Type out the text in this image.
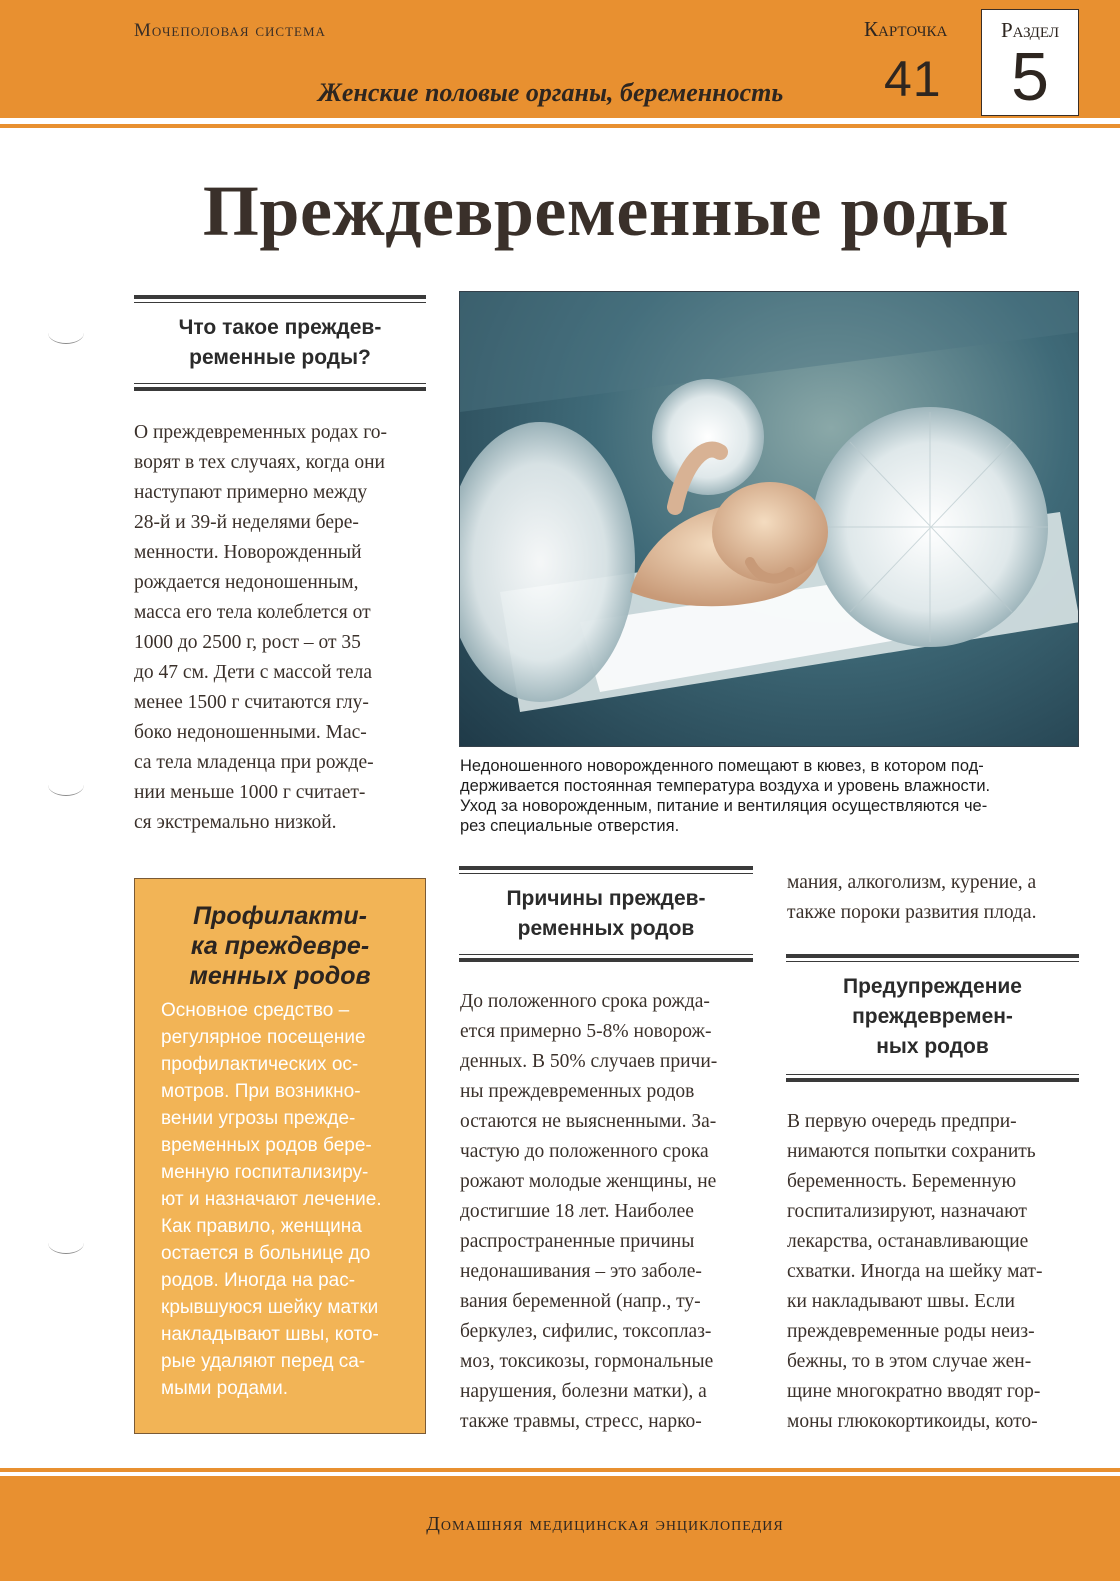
Мочеполовая система
Женские половые органы, беременность
Карточка
41
Раздел
5
Преждевременные роды
Что такое преждев-
ременные роды?
О преждевременных родах го-
ворят в тех случаях, когда они
наступают примерно между
28-й и 39-й неделями бере-
менности. Новорожденный
рождается недоношенным,
масса его тела колеблется от
1000 до 2500 г, рост – от 35
до 47 см. Дети с массой тела
менее 1500 г считаются глу-
боко недоношенными. Мас-
са тела младенца при рожде-
нии меньше 1000 г считает-
ся экстремально низкой.
Недоношенного новорожденного помещают в кювез, в котором под-
держивается постоянная температура воздуха и уровень влажности.
Уход за новорожденным, питание и вентиляция осуществляются че-
рез специальные отверстия.
Профилакти-
ка преждевре-
менных родов
Основное средство –
регулярное посещение
профилактических ос-
мотров. При возникно-
вении угрозы прежде-
временных родов бере-
менную госпитализиру-
ют и назначают лечение.
Как правило, женщина
остается в больнице до
родов. Иногда на рас-
крывшуюся шейку матки
накладывают швы, кото-
рые удаляют перед са-
мыми родами.
Причины преждев-
ременных родов
До положенного срока рожда-
ется примерно 5-8% новорож-
денных. В 50% случаев причи-
ны преждевременных родов
остаются не выясненными. За-
частую до положенного срока
рожают молодые женщины, не
достигшие 18 лет. Наиболее
распространенные причины
недонашивания – это заболе-
вания беременной (напр., ту-
беркулез, сифилис, токсоплаз-
моз, токсикозы, гормональные
нарушения, болезни матки), а
также травмы, стресс, нарко-
мания, алкоголизм, курение, а
также пороки развития плода.
Предупреждение
преждевремен-
ных родов
В первую очередь предпри-
нимаются попытки сохранить
беременность. Беременную
госпитализируют, назначают
лекарства, останавливающие
схватки. Иногда на шейку мат-
ки накладывают швы. Если
преждевременные роды неиз-
бежны, то в этом случае жен-
щине многократно вводят гор-
моны глюкокортикоиды, кото-
Домашняя медицинская энциклопедия
